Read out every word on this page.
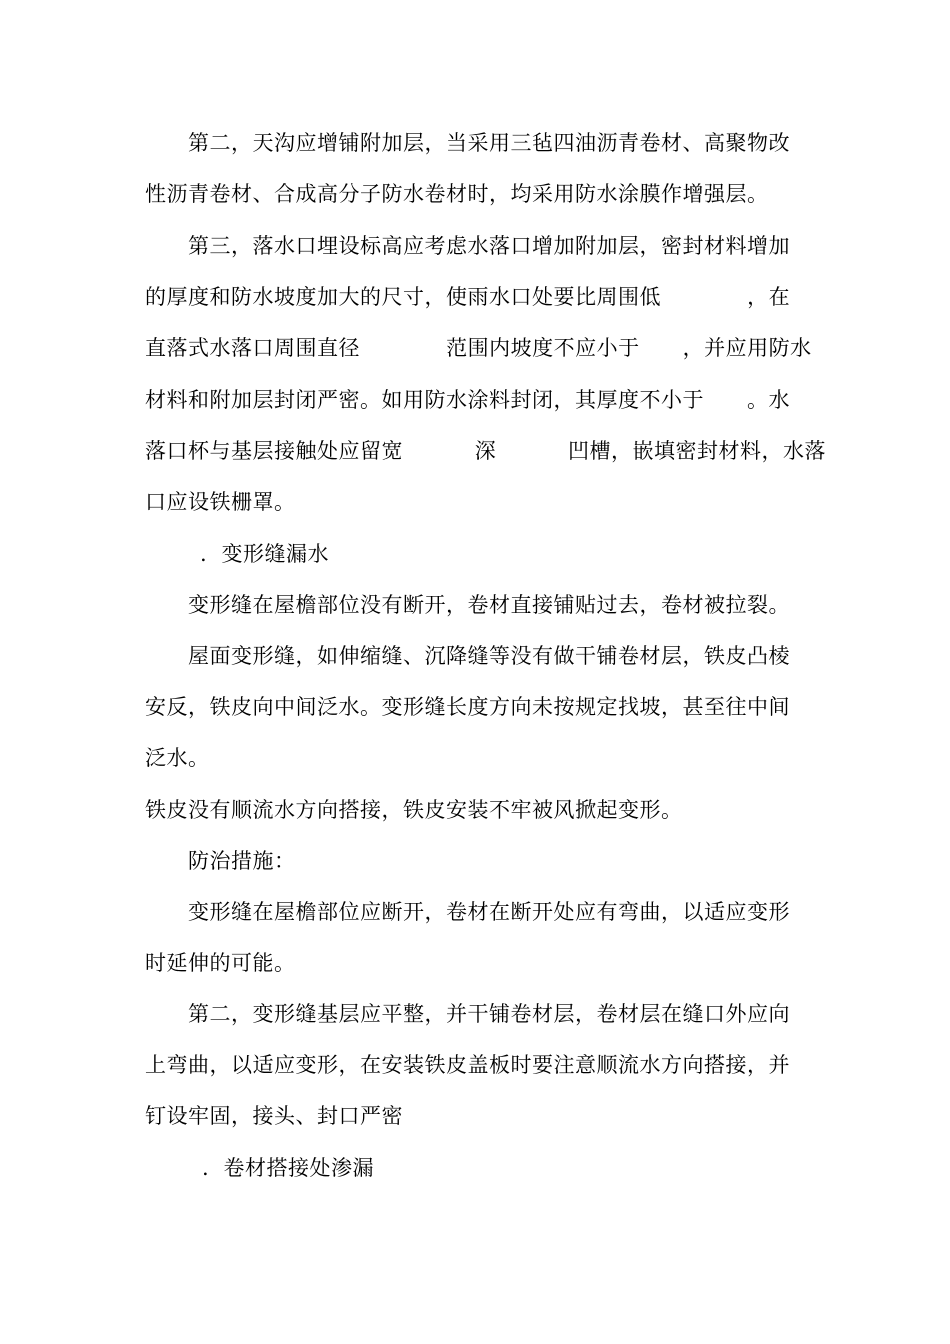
第二，天沟应增铺附加层，当采用三毡四油沥青卷材、高聚物改
性沥青卷材、合成高分子防水卷材时，均采用防水涂膜作增强层。
第三，落水口埋设标高应考虑水落口增加附加层，密封材料增加
的厚度和防水坡度加大的尺寸，使雨水口处要比周围低            ，在
直落式水落口周围直径            范围内坡度不应小于      ，并应用防水
材料和附加层封闭严密。如用防水涂料封闭，其厚度不小于      。水
落口杯与基层接触处应留宽          深          凹槽，嵌填密封材料，水落
口应设铁栅罩。
.  变形缝漏水
变形缝在屋檐部位没有断开，卷材直接铺贴过去，卷材被拉裂。
屋面变形缝，如伸缩缝、沉降缝等没有做干铺卷材层，铁皮凸棱
安反，铁皮向中间泛水。变形缝长度方向未按规定找坡，甚至往中间
泛水。
铁皮没有顺流水方向搭接，铁皮安装不牢被风掀起变形。
防治措施：
变形缝在屋檐部位应断开，卷材在断开处应有弯曲，以适应变形
时延伸的可能。
第二，变形缝基层应平整，并干铺卷材层，卷材层在缝口外应向
上弯曲，以适应变形，在安装铁皮盖板时要注意顺流水方向搭接，并
钉设牢固，接头、封口严密
.  卷材搭接处渗漏
